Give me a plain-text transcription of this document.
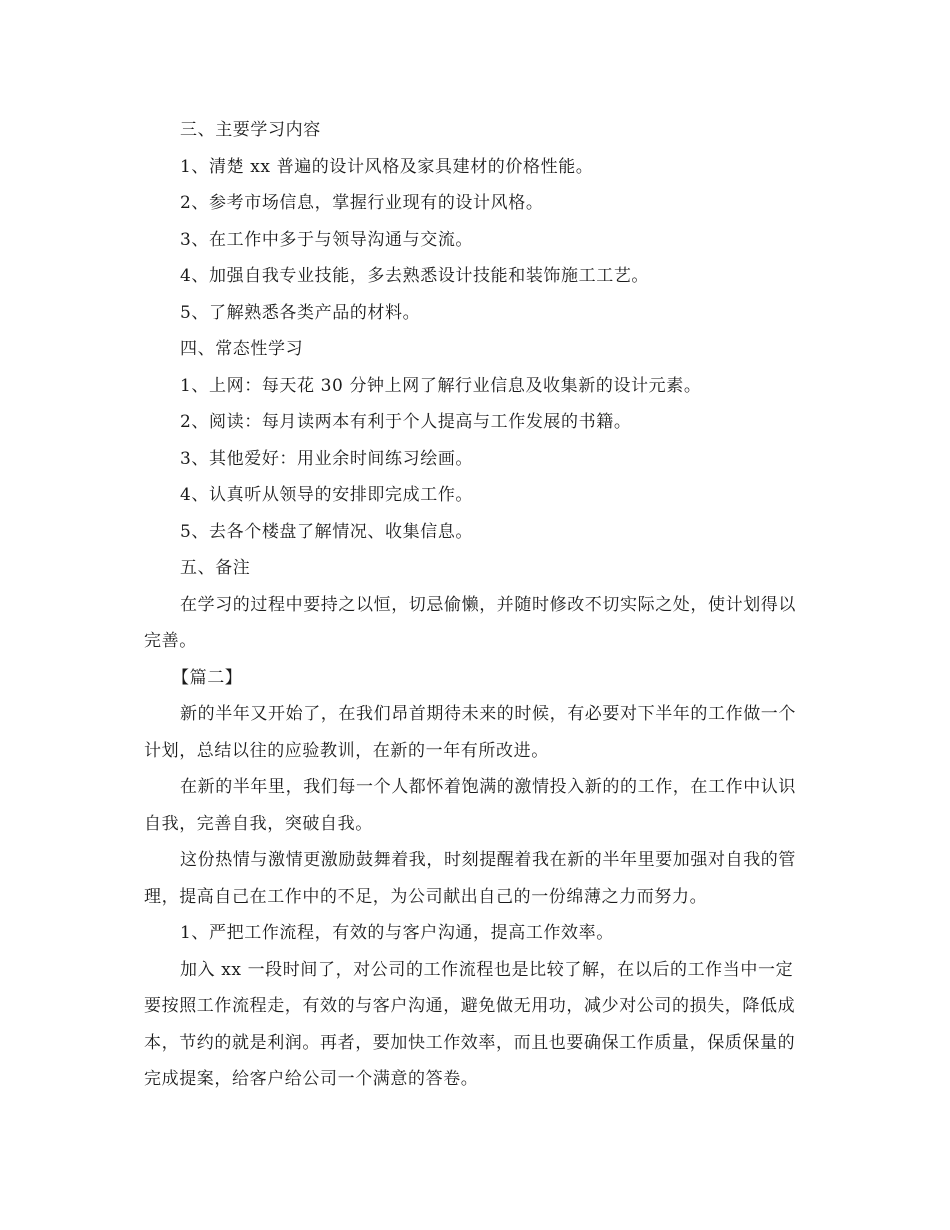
三、主要学习内容

1、清楚 xx 普遍的设计风格及家具建材的价格性能。

2、参考市场信息，掌握行业现有的设计风格。

3、在工作中多于与领导沟通与交流。

4、加强自我专业技能，多去熟悉设计技能和装饰施工工艺。

5、了解熟悉各类产品的材料。

四、常态性学习

1、上网：每天花 30 分钟上网了解行业信息及收集新的设计元素。

2、阅读：每月读两本有利于个人提高与工作发展的书籍。

3、其他爱好：用业余时间练习绘画。

4、认真听从领导的安排即完成工作。

5、去各个楼盘了解情况、收集信息。

五、备注

在学习的过程中要持之以恒，切忌偷懒，并随时修改不切实际之处，使计划得以完善。

【篇二】

新的半年又开始了，在我们昂首期待未来的时候，有必要对下半年的工作做一个计划，总结以往的应验教训，在新的一年有所改进。

在新的半年里，我们每一个人都怀着饱满的激情投入新的的工作，在工作中认识自我，完善自我，突破自我。

这份热情与激情更激励鼓舞着我，时刻提醒着我在新的半年里要加强对自我的管理，提高自己在工作中的不足，为公司献出自己的一份绵薄之力而努力。

1、严把工作流程，有效的与客户沟通，提高工作效率。

加入 xx 一段时间了，对公司的工作流程也是比较了解，在以后的工作当中一定要按照工作流程走，有效的与客户沟通，避免做无用功，减少对公司的损失，降低成本，节约的就是利润。再者，要加快工作效率，而且也要确保工作质量，保质保量的完成提案，给客户给公司一个满意的答卷。
